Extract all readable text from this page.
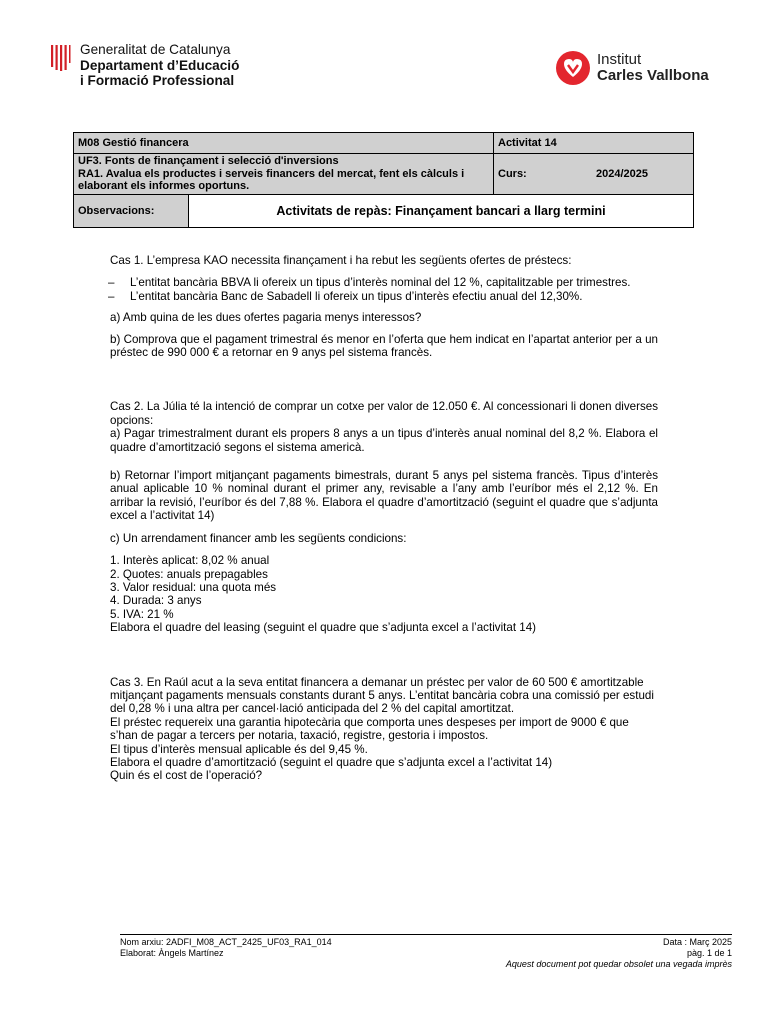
Generalitat de Catalunya
Departament d’Educació
i Formació Professional
Institut
Carles Vallbona
M08 Gestió financera	Activitat 14	

UF3. Fonts de finançament i selecció d'inversions
RA1. Avalua els productes i serveis financers del mercat, fent els càlculs i elaborant els informes oportuns.	Curs:	2024/2025

Observacions: Activitats de repàs: Finançament bancari a llarg termini		

Cas 1. L’empresa KAO necessita finançament i ha rebut les següents ofertes de préstecs:

–	L’entitat bancària BBVA li ofereix un tipus d’interès nominal del 12 %, capitalitzable per trimestres.
–	L’entitat bancària Banc de Sabadell li ofereix un tipus d’interès efectiu anual del 12,30%.

a) Amb quina de les dues ofertes pagaria menys interessos?

b) Comprova que el pagament trimestral és menor en l’oferta que hem indicat en l’apartat anterior per a un préstec de 990 000 € a retornar en 9 anys pel sistema francès.

Cas 2. La Júlia té la intenció de comprar un cotxe per valor de 12.050 €. Al concessionari li donen diverses opcions:

a) Pagar trimestralment durant els propers 8 anys a un tipus d’interès anual nominal del 8,2 %. Elabora el quadre d’amortització segons el sistema americà.

b) Retornar l’import mitjançant pagaments bimestrals, durant 5 anys pel sistema francès. Tipus d’interès anual aplicable 10 % nominal durant el primer any, revisable a l’any amb l’euríbor més el 2,12 %. En arribar la revisió, l’euríbor és del 7,88 %. Elabora el quadre d’amortització (seguint el quadre que s’adjunta excel a l’activitat 14)

c) Un arrendament financer amb les següents condicions:

1. Interès aplicat: 8,02 % anual

2. Quotes: anuals prepagables

3. Valor residual: una quota més

4. Durada: 3 anys

5. IVA: 21 %

Elabora el quadre del leasing (seguint el quadre que s’adjunta excel a l’activitat 14)

Cas 3. En Raúl acut a la seva entitat financera a demanar un préstec per valor de 60 500 € amortitzable mitjançant pagaments mensuals constants durant 5 anys. L’entitat bancària cobra una comissió per estudi del 0,28 % i una altra per cancel·lació anticipada del 2 % del capital amortitzat.

El préstec requereix una garantia hipotecària que comporta unes despeses per import de 9000 € que s’han de pagar a tercers per notaria, taxació, registre, gestoria i impostos.

El tipus d’interès mensual aplicable és del 9,45 %.

Elabora el quadre d’amortització (seguint el quadre que s’adjunta excel a l’activitat 14)

Quin és el cost de l’operació?

Nom arxiu: 2ADFI_M08_ACT_2425_UF03_RA1_014	Data : Març 2025
Elaborat: Àngels Martínez	pàg. 1 de 1
Aquest document pot quedar obsolet una vegada imprès
